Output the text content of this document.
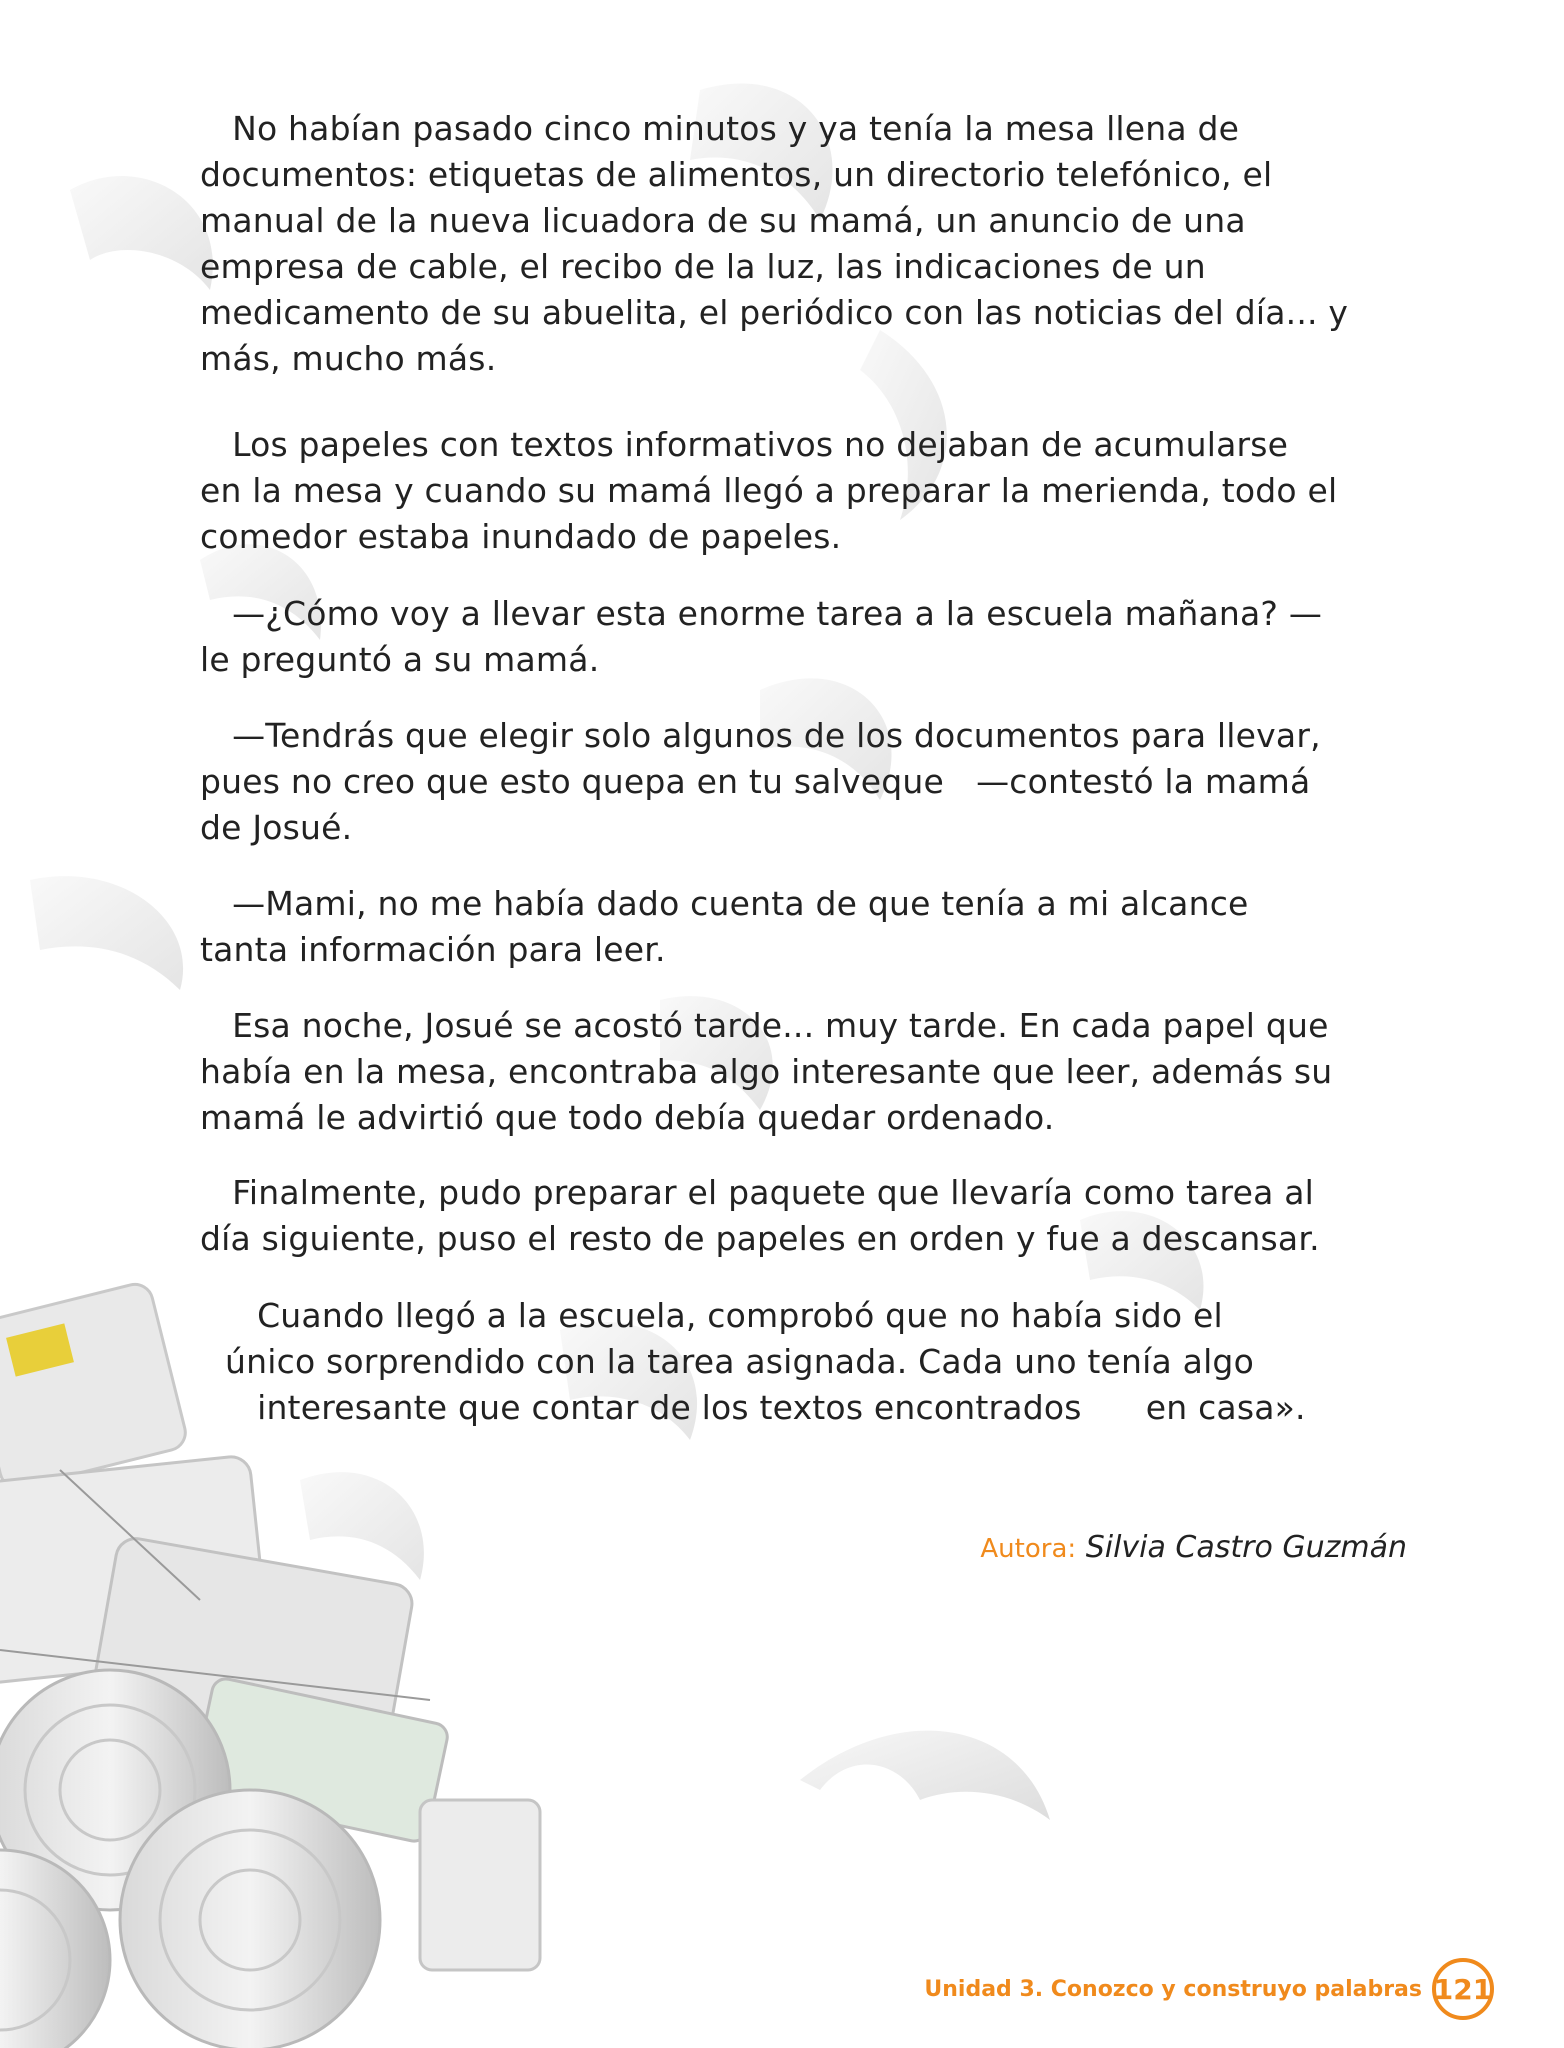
No habían pasado cinco minutos y ya tenía la mesa llena de
documentos: etiquetas de alimentos, un directorio telefónico, el
manual de la nueva licuadora de su mamá, un anuncio de una
empresa de cable, el recibo de la luz, las indicaciones de un
medicamento de su abuelita, el periódico con las noticias del día... y
más, mucho más.

Los papeles con textos informativos no dejaban de acumularse
en la mesa y cuando su mamá llegó a preparar la merienda, todo el
comedor estaba inundado de papeles.

—¿Cómo voy a llevar esta enorme tarea a la escuela mañana? —
le preguntó a su mamá.

—Tendrás que elegir solo algunos de los documentos para llevar,
pues no creo que esto quepa en tu salveque   —contestó la mamá
de Josué.

—Mami, no me había dado cuenta de que tenía a mi alcance
tanta información para leer.

Esa noche, Josué se acostó tarde... muy tarde. En cada papel que
había en la mesa, encontraba algo interesante que leer, además su
mamá le advirtió que todo debía quedar ordenado.

Finalmente, pudo preparar el paquete que llevaría como tarea al
día siguiente, puso el resto de papeles en orden y fue a descansar.

Cuando llegó a la escuela, comprobó que no había sido el
único sorprendido con la tarea asignada. Cada uno tenía algo
interesante que contar de los textos encontrados      en casa».

Autora: Silvia Castro Guzmán
Unidad 3. Conozco y construyo palabras 121
